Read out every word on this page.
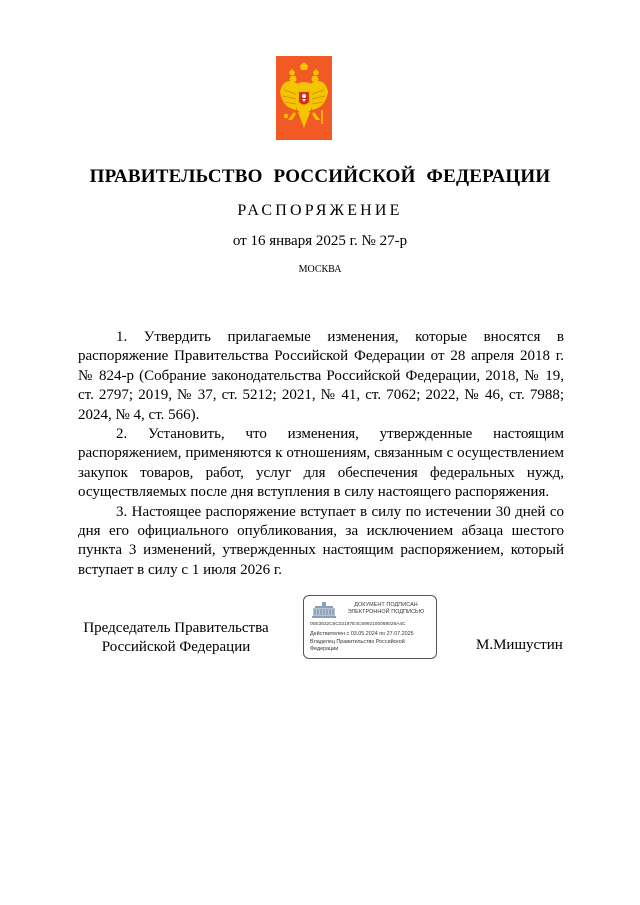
ПРАВИТЕЛЬСТВО РОССИЙСКОЙ ФЕДЕРАЦИИ
РАСПОРЯЖЕНИЕ
от 16 января 2025 г. № 27-р
МОСКВА

1. Утвердить прилагаемые изменения, которые вносятся в распоряжение Правительства Российской Федерации от 28 апреля 2018 г. № 824-р (Собрание законодательства Российской Федерации, 2018, № 19, ст. 2797; 2019, № 37, ст. 5212; 2021, № 41, ст. 7062; 2022, № 46, ст. 7988; 2024, № 4, ст. 566).

2. Установить, что изменения, утвержденные настоящим распоряжением, применяются к отношениям, связанным с осуществлением закупок товаров, работ, услуг для обеспечения федеральных нужд, осуществляемых после дня вступления в силу настоящего распоряжения.

3. Настоящее распоряжение вступает в силу по истечении 30 дней со дня его официального опубликования, за исключением абзаца шестого пункта 3 изменений, утвержденных настоящим распоряжением, который вступает в силу с 1 июля 2026 г.

Председатель Правительства
Российской Федерации
ДОКУМЕНТ ПОДПИСАН
ЭЛЕКТРОННОЙ ПОДПИСЬЮ
00E3632C6C02197E4C6992100069028A4C
Действителен с 03.05.2024 по 27.07.2025
Владелец Правительство Российской Федерации	М.Мишустин
